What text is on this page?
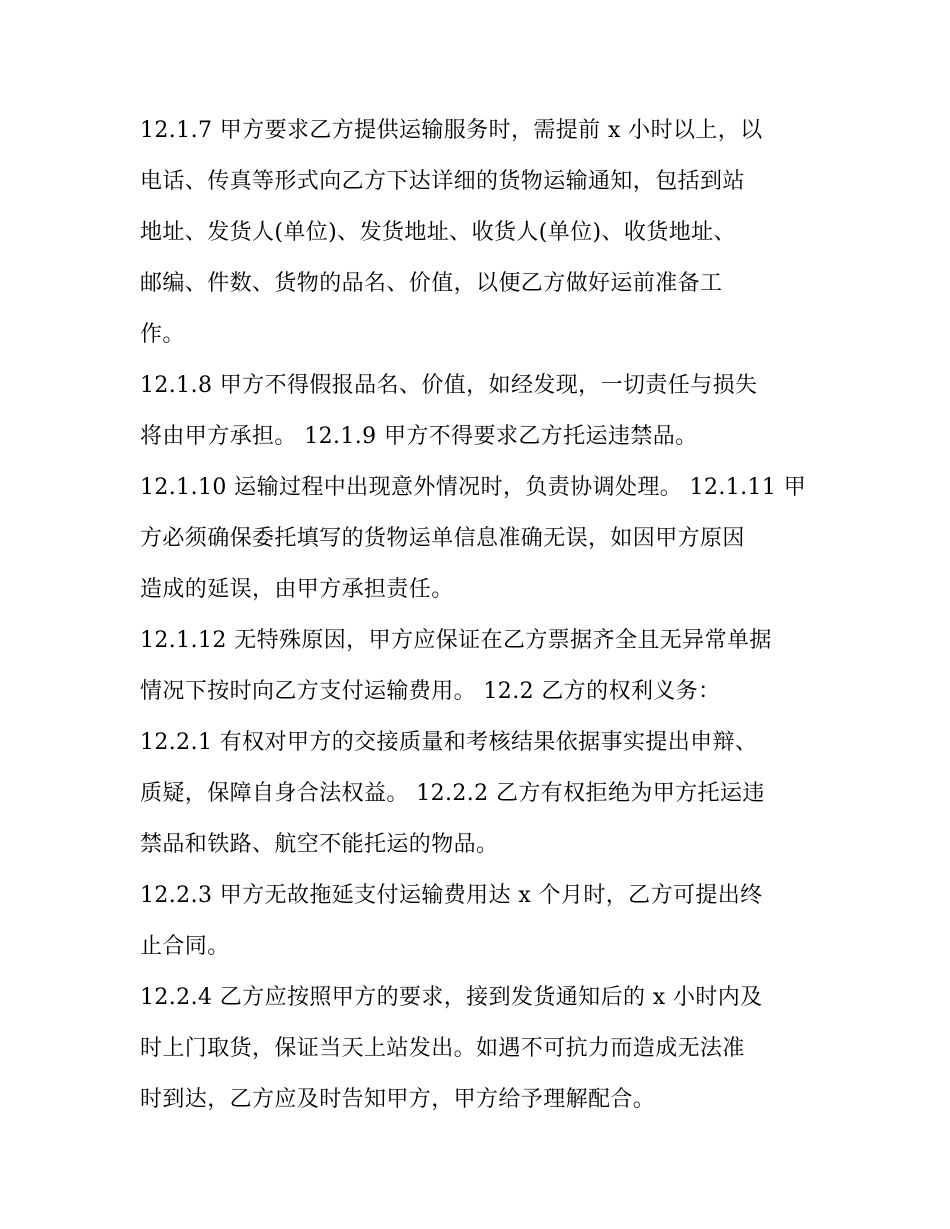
12.1.7 甲方要求乙方提供运输服务时，需提前 x 小时以上，以
电话、传真等形式向乙方下达详细的货物运输通知，包括到站
地址、发货人(单位)、发货地址、收货人(单位)、收货地址、
邮编、件数、货物的品名、价值，以便乙方做好运前准备工
作。
12.1.8 甲方不得假报品名、价值，如经发现，一切责任与损失
将由甲方承担。 12.1.9 甲方不得要求乙方托运违禁品。
12.1.10 运输过程中出现意外情况时，负责协调处理。 12.1.11 甲
方必须确保委托填写的货物运单信息准确无误，如因甲方原因
造成的延误，由甲方承担责任。
12.1.12 无特殊原因，甲方应保证在乙方票据齐全且无异常单据
情况下按时向乙方支付运输费用。 12.2 乙方的权利义务：
12.2.1 有权对甲方的交接质量和考核结果依据事实提出申辩、
质疑，保障自身合法权益。 12.2.2 乙方有权拒绝为甲方托运违
禁品和铁路、航空不能托运的物品。
12.2.3 甲方无故拖延支付运输费用达 x 个月时，乙方可提出终
止合同。
12.2.4 乙方应按照甲方的要求，接到发货通知后的 x 小时内及
时上门取货，保证当天上站发出。如遇不可抗力而造成无法准
时到达，乙方应及时告知甲方，甲方给予理解配合。
